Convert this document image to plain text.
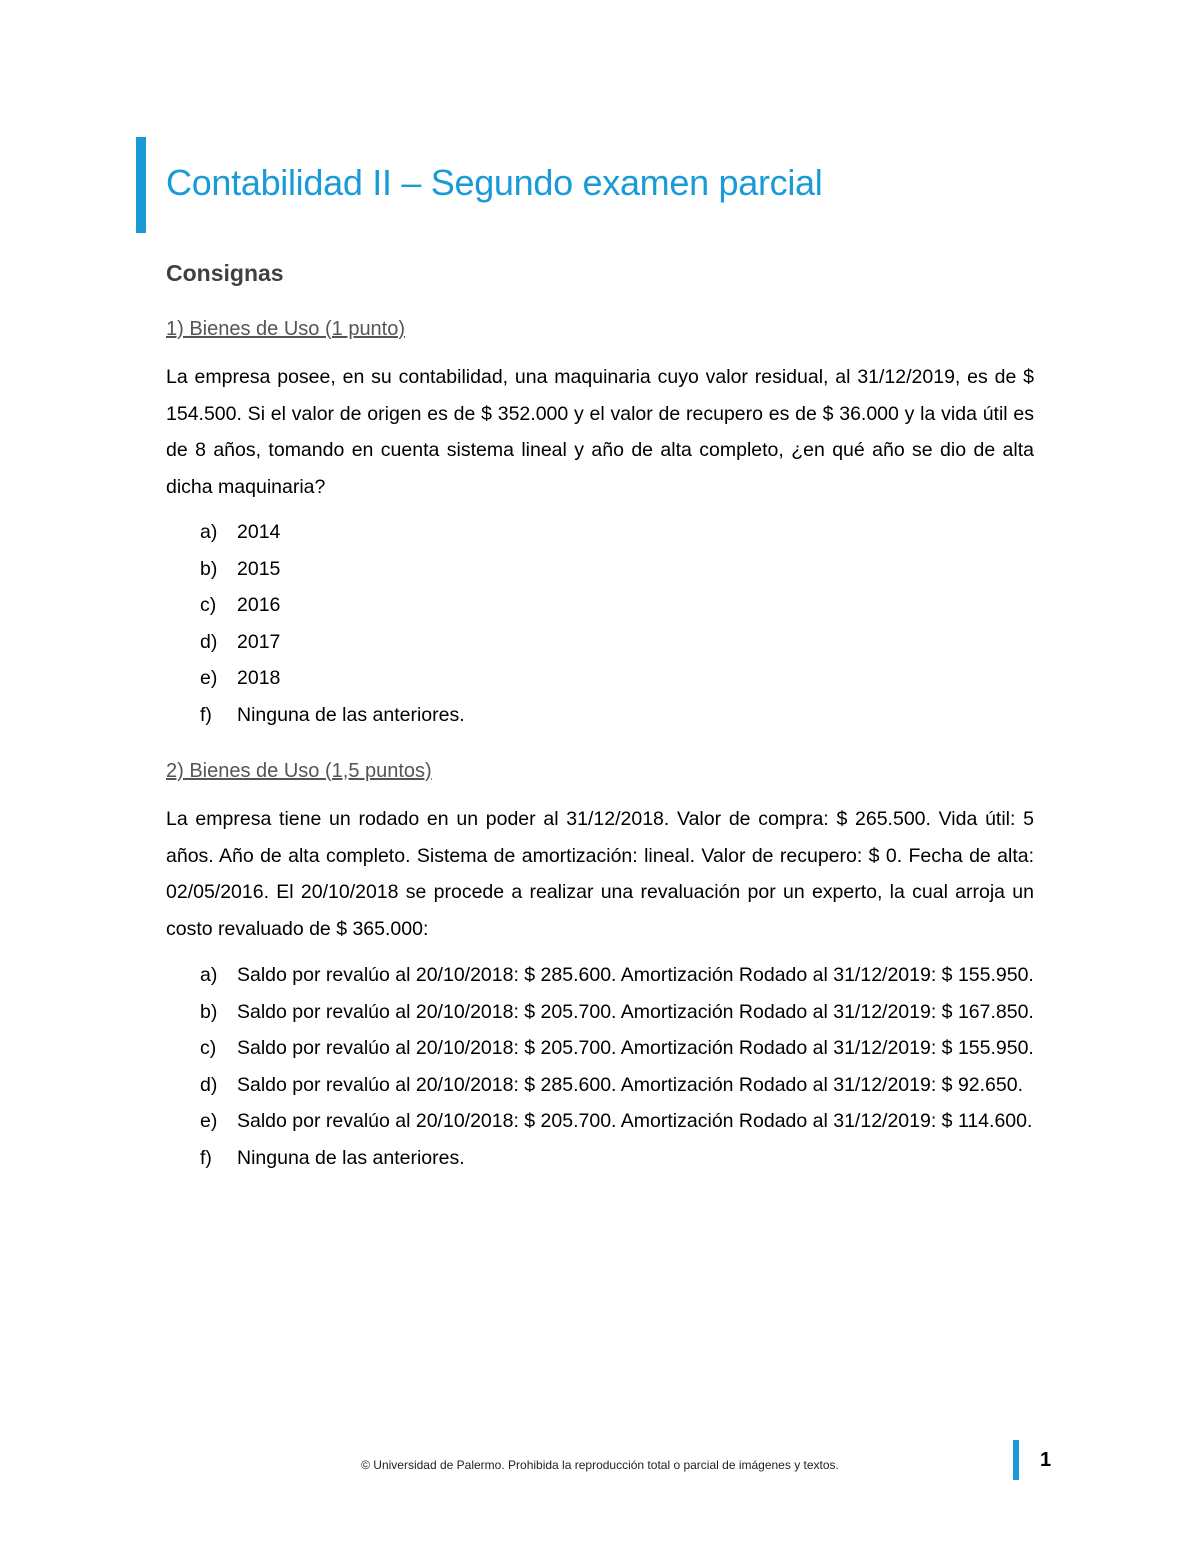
Contabilidad II – Segundo examen parcial
Consignas
1) Bienes de Uso (1 punto)
La empresa posee, en su contabilidad, una maquinaria cuyo valor residual, al 31/12/2019, es de $ 154.500. Si el valor de origen es de $ 352.000 y el valor de recupero es de $ 36.000 y la vida útil es de 8 años, tomando en cuenta sistema lineal y año de alta completo, ¿en qué año se dio de alta dicha maquinaria?
a) 2014
b) 2015
c) 2016
d) 2017
e) 2018
f) Ninguna de las anteriores.
2) Bienes de Uso (1,5 puntos)
La empresa tiene un rodado en un poder al 31/12/2018. Valor de compra: $ 265.500. Vida útil: 5 años. Año de alta completo. Sistema de amortización: lineal. Valor de recupero: $ 0. Fecha de alta: 02/05/2016. El 20/10/2018 se procede a realizar una revaluación por un experto, la cual arroja un costo revaluado de $ 365.000:
a) Saldo por revalúo al 20/10/2018: $ 285.600. Amortización Rodado al 31/12/2019: $ 155.950.
b) Saldo por revalúo al 20/10/2018: $ 205.700. Amortización Rodado al 31/12/2019: $ 167.850.
c) Saldo por revalúo al 20/10/2018: $ 205.700. Amortización Rodado al 31/12/2019: $ 155.950.
d) Saldo por revalúo al 20/10/2018: $ 285.600. Amortización Rodado al 31/12/2019: $ 92.650.
e) Saldo por revalúo al 20/10/2018: $ 205.700. Amortización Rodado al 31/12/2019: $ 114.600.
f) Ninguna de las anteriores.
© Universidad de Palermo. Prohibida la reproducción total o parcial de imágenes y textos.	1
